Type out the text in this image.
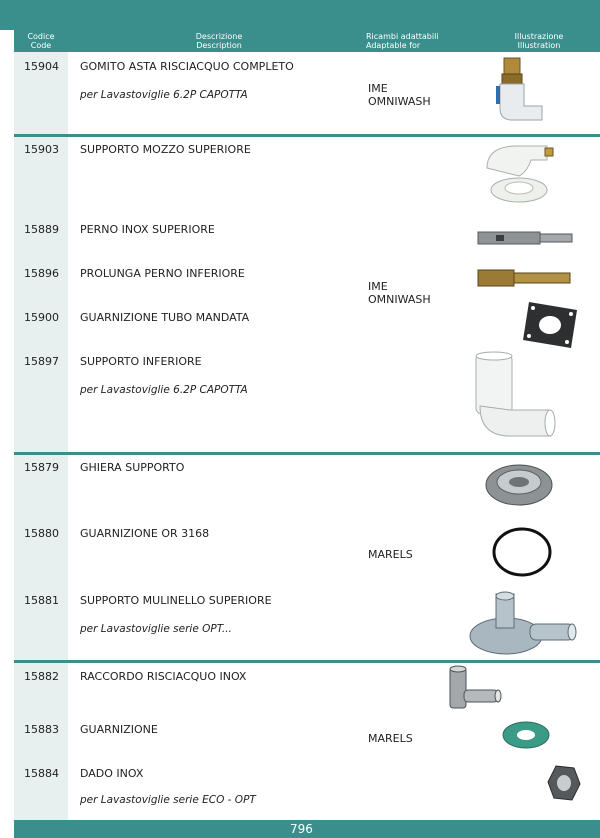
Codice
Code
Descrizione
Description
Ricambi adattabili
Adaptable for
Illustrazione
Illustration
15904 GOMITO ASTA RISCIACQUO COMPLETO
per Lavastoviglie 6.2P CAPOTTA	IME
OMNIWASH
15903 SUPPORTO MOZZO SUPERIORE
15889 PERNO INOX SUPERIORE
15896 PROLUNGA PERNO INFERIORE
IME
OMNIWASH
15900 GUARNIZIONE TUBO MANDATA
15897 SUPPORTO INFERIORE
per Lavastoviglie 6.2P CAPOTTA
15879 GHIERA SUPPORTO
15880 GUARNIZIONE OR 3168
MARELS
15881 SUPPORTO MULINELLO SUPERIORE
per Lavastoviglie serie OPT...
15882 RACCORDO RISCIACQUO INOX
15883 GUARNIZIONE
MARELS
15884 DADO INOX
per Lavastoviglie serie ECO - OPT
796
